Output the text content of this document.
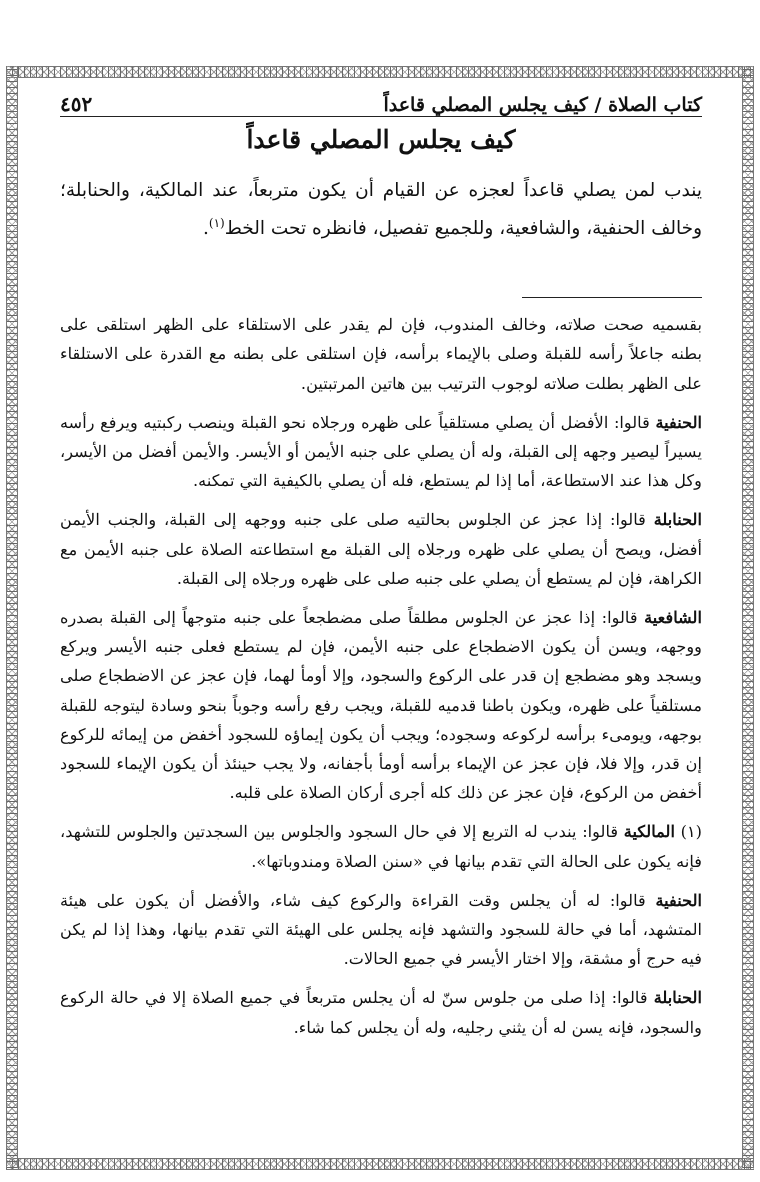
كتاب الصلاة / كيف يجلس المصلي قاعداً
٤٥٢
كيف يجلس المصلي قاعداً

يندب لمن يصلي قاعداً لعجزه عن القيام أن يكون متربعاً، عند المالكية، والحنابلة؛ وخالف الحنفية، والشافعية، وللجميع تفصيل، فانظره تحت الخط$^{(١)}$.

بقسميه صحت صلاته، وخالف المندوب، فإن لم يقدر على الاستلقاء على الظهر استلقى على بطنه جاعلاً رأسه للقبلة وصلى بالإيماء برأسه، فإن استلقى على بطنه مع القدرة على الاستلقاء على الظهر بطلت صلاته لوجوب الترتيب بين هاتين المرتبتين.

الحنفية قالوا: الأفضل أن يصلي مستلقياً على ظهره ورجلاه نحو القبلة وينصب ركبتيه ويرفع رأسه يسيراً ليصير وجهه إلى القبلة، وله أن يصلي على جنبه الأيمن أو الأيسر. والأيمن أفضل من الأيسر، وكل هذا عند الاستطاعة، أما إذا لم يستطع، فله أن يصلي بالكيفية التي تمكنه.

الحنابلة قالوا: إذا عجز عن الجلوس بحالتيه صلى على جنبه ووجهه إلى القبلة، والجنب الأيمن أفضل، ويصح أن يصلي على ظهره ورجلاه إلى القبلة مع استطاعته الصلاة على جنبه الأيمن مع الكراهة، فإن لم يستطع أن يصلي على جنبه صلى على ظهره ورجلاه إلى القبلة.

الشافعية قالوا: إذا عجز عن الجلوس مطلقاً صلى مضطجعاً على جنبه متوجهاً إلى القبلة بصدره ووجهه، ويسن أن يكون الاضطجاع على جنبه الأيمن، فإن لم يستطع فعلى جنبه الأيسر ويركع ويسجد وهو مضطجع إن قدر على الركوع والسجود، وإلا أومأ لهما، فإن عجز عن الاضطجاع صلى مستلقياً على ظهره، ويكون باطنا قدميه للقبلة، ويجب رفع رأسه وجوباً بنحو وسادة ليتوجه للقبلة بوجهه، ويومىء برأسه لركوعه وسجوده؛ ويجب أن يكون إيماؤه للسجود أخفض من إيمائه للركوع إن قدر، وإلا فلا، فإن عجز عن الإيماء برأسه أومأ بأجفانه، ولا يجب حينئذ أن يكون الإيماء للسجود أخفض من الركوع، فإن عجز عن ذلك كله أجرى أركان الصلاة على قلبه.

(١) المالكية قالوا: يندب له التربع إلا في حال السجود والجلوس بين السجدتين والجلوس للتشهد، فإنه يكون على الحالة التي تقدم بيانها في «سنن الصلاة ومندوباتها».

الحنفية قالوا: له أن يجلس وقت القراءة والركوع كيف شاء، والأفضل أن يكون على هيئة المتشهد، أما في حالة للسجود والتشهد فإنه يجلس على الهيئة التي تقدم بيانها، وهذا إذا لم يكن فيه حرج أو مشقة، وإلا اختار الأيسر في جميع الحالات.

الحنابلة قالوا: إذا صلى من جلوس سنّ له أن يجلس متربعاً في جميع الصلاة إلا في حالة الركوع والسجود، فإنه يسن له أن يثني رجليه، وله أن يجلس كما شاء.
